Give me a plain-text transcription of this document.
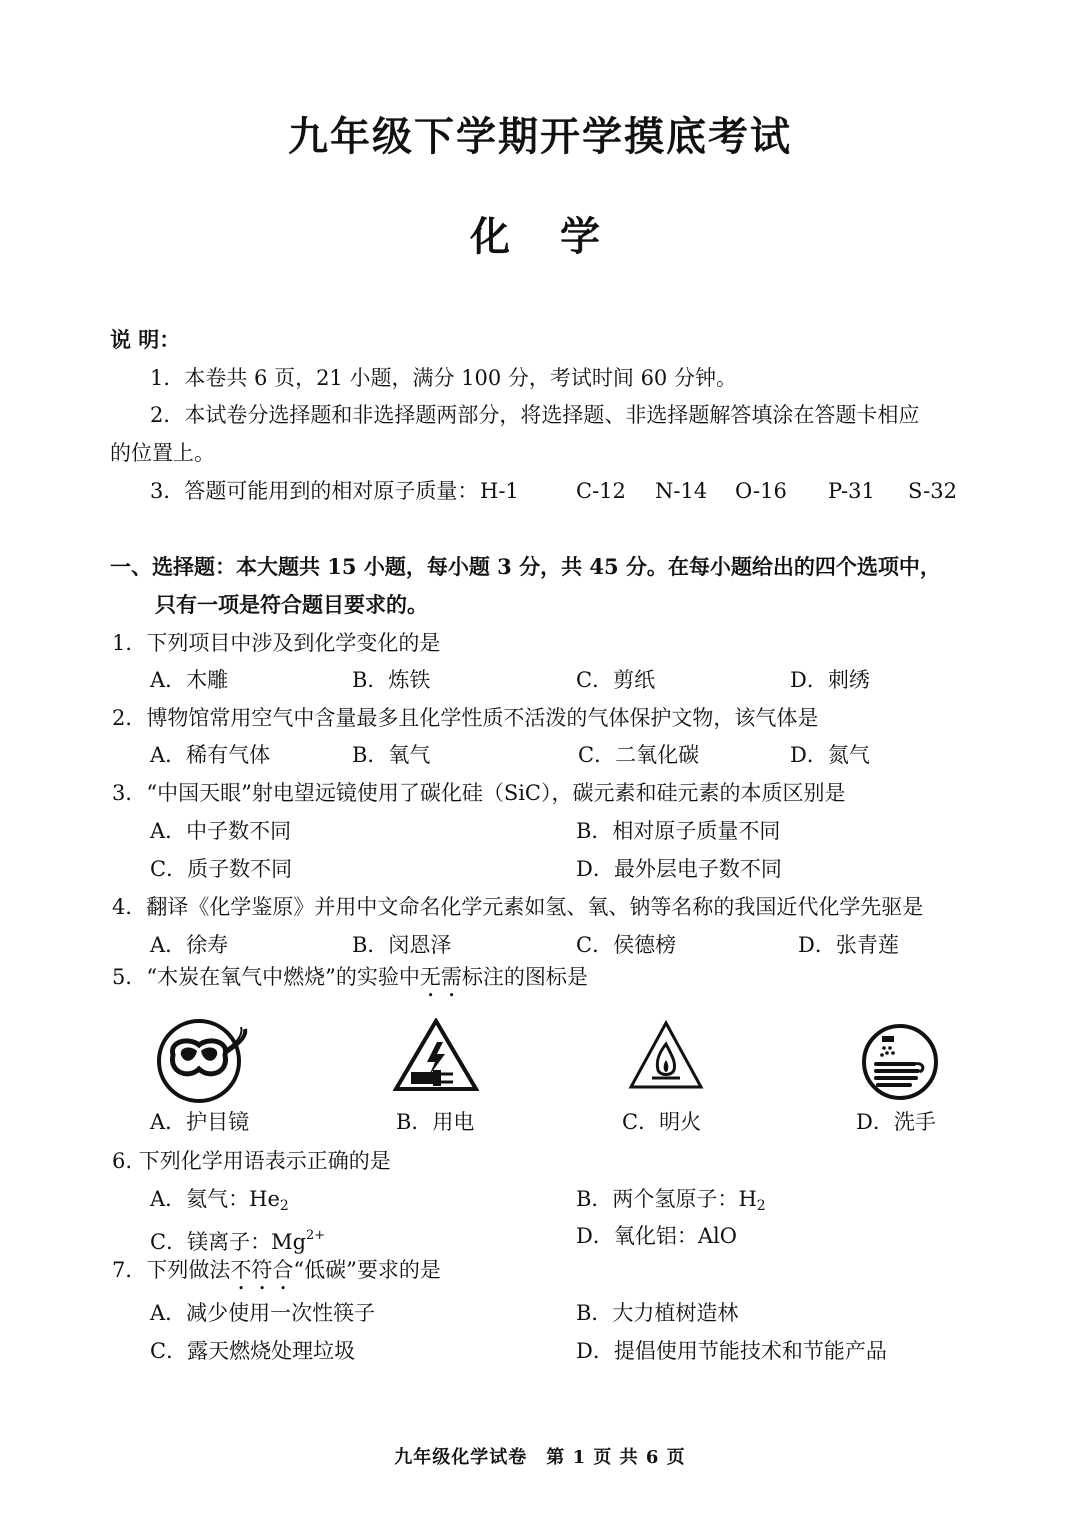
九年级下学期开学摸底考试
化学
说 明：
1．本卷共 6 页，21 小题，满分 100 分，考试时间 60 分钟。
2．本试卷分选择题和非选择题两部分，将选择题、非选择题解答填涂在答题卡相应
的位置上。
3．答题可能用到的相对原子质量： H-1	C-12 N-14 O-16 P-31 S-32
一、选择题：本大题共 15 小题，每小题 3 分，共 45 分。在每小题给出的四个选项中，
只有一项是符合题目要求的。
1．下列项目中涉及到化学变化的是
A．木雕	B．炼铁	C．剪纸	D．刺绣
2．博物馆常用空气中含量最多且化学性质不活泼的气体保护文物，该气体是
A．稀有气体	B．氧气	C．二氧化碳	D．氮气
3．“中国天眼”射电望远镜使用了碳化硅（SiC），碳元素和硅元素的本质区别是
A．中子数不同	B．相对原子质量不同
C．质子数不同	D．最外层电子数不同
4．翻译《化学鉴原》并用中文命名化学元素如氢、氧、钠等名称的我国近代化学先驱是
A．徐寿	B．闵恩泽	C．侯德榜	D．张青莲
5．“木炭在氧气中燃烧”的实验中无需标注的图标是
A．护目镜	B．用电	C．明火	D．洗手
6. 下列化学用语表示正确的是
A．氦气：$He_2$	B．两个氢原子：$H_2$
C．镁离子：$Mg^{2+}$	D．氧化铝：AlO
7．下列做法不符合“低碳”要求的是
A．减少使用一次性筷子	B．大力植树造林
C．露天燃烧处理垃圾	D．提倡使用节能技术和节能产品
九年级化学试卷　第 1 页 共 6 页
